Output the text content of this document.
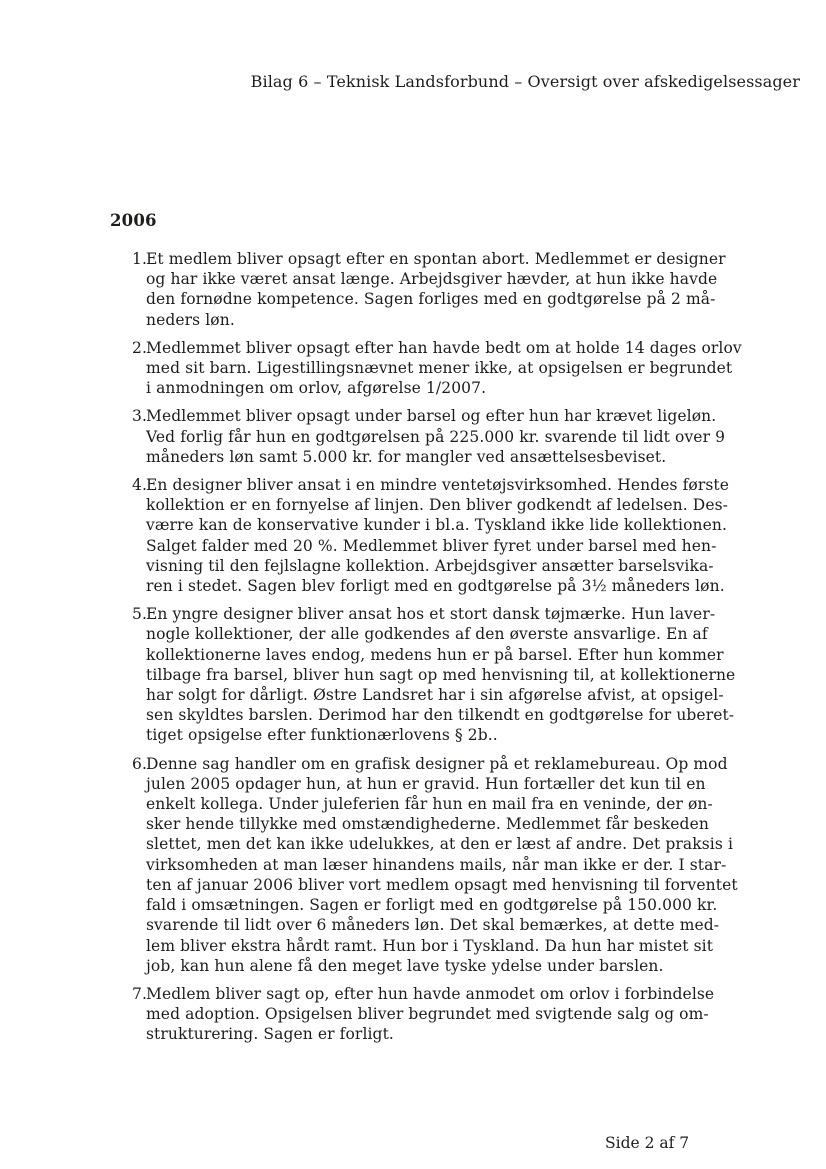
Bilag 6 – Teknisk Landsforbund – Oversigt over afskedigelsessager
2006
1. Et medlem bliver opsagt efter en spontan abort. Medlemmet er designer
og har ikke været ansat længe. Arbejdsgiver hævder, at hun ikke havde
den fornødne kompetence. Sagen forliges med en godtgørelse på 2 må-
neders løn.
2. Medlemmet bliver opsagt efter han havde bedt om at holde 14 dages orlov
med sit barn. Ligestillingsnævnet mener ikke, at opsigelsen er begrundet
i anmodningen om orlov, afgørelse 1/2007.
3. Medlemmet bliver opsagt under barsel og efter hun har krævet ligeløn.
Ved forlig får hun en godtgørelsen på 225.000 kr. svarende til lidt over 9
måneders løn samt 5.000 kr. for mangler ved ansættelsesbeviset.
4. En designer bliver ansat i en mindre ventetøjsvirksomhed. Hendes første
kollektion er en fornyelse af linjen. Den bliver godkendt af ledelsen. Des-
værre kan de konservative kunder i bl.a. Tyskland ikke lide kollektionen.
Salget falder med 20 %. Medlemmet bliver fyret under barsel med hen-
visning til den fejlslagne kollektion. Arbejdsgiver ansætter barselsvika-
ren i stedet. Sagen blev forligt med en godtgørelse på 3½ måneders løn.
5. En yngre designer bliver ansat hos et stort dansk tøjmærke. Hun laver-
nogle kollektioner, der alle godkendes af den øverste ansvarlige. En af
kollektionerne laves endog, medens hun er på barsel. Efter hun kommer
tilbage fra barsel, bliver hun sagt op med henvisning til, at kollektionerne
har solgt for dårligt. Østre Landsret har i sin afgørelse afvist, at opsigel-
sen skyldtes barslen. Derimod har den tilkendt en godtgørelse for uberet-
tiget opsigelse efter funktionærlovens § 2b..
6. Denne sag handler om en grafisk designer på et reklamebureau. Op mod
julen 2005 opdager hun, at hun er gravid. Hun fortæller det kun til en
enkelt kollega. Under juleferien får hun en mail fra en veninde, der øn-
sker hende tillykke med omstændighederne. Medlemmet får beskeden
slettet, men det kan ikke udelukkes, at den er læst af andre. Det praksis i
virksomheden at man læser hinandens mails, når man ikke er der. I star-
ten af januar 2006 bliver vort medlem opsagt med henvisning til forventet
fald i omsætningen. Sagen er forligt med en godtgørelse på 150.000 kr.
svarende til lidt over 6 måneders løn. Det skal bemærkes, at dette med-
lem bliver ekstra hårdt ramt. Hun bor i Tyskland. Da hun har mistet sit
job, kan hun alene få den meget lave tyske ydelse under barslen.
7. Medlem bliver sagt op, efter hun havde anmodet om orlov i forbindelse
med adoption. Opsigelsen bliver begrundet med svigtende salg og om-
strukturering. Sagen er forligt.
Side 2 af 7
